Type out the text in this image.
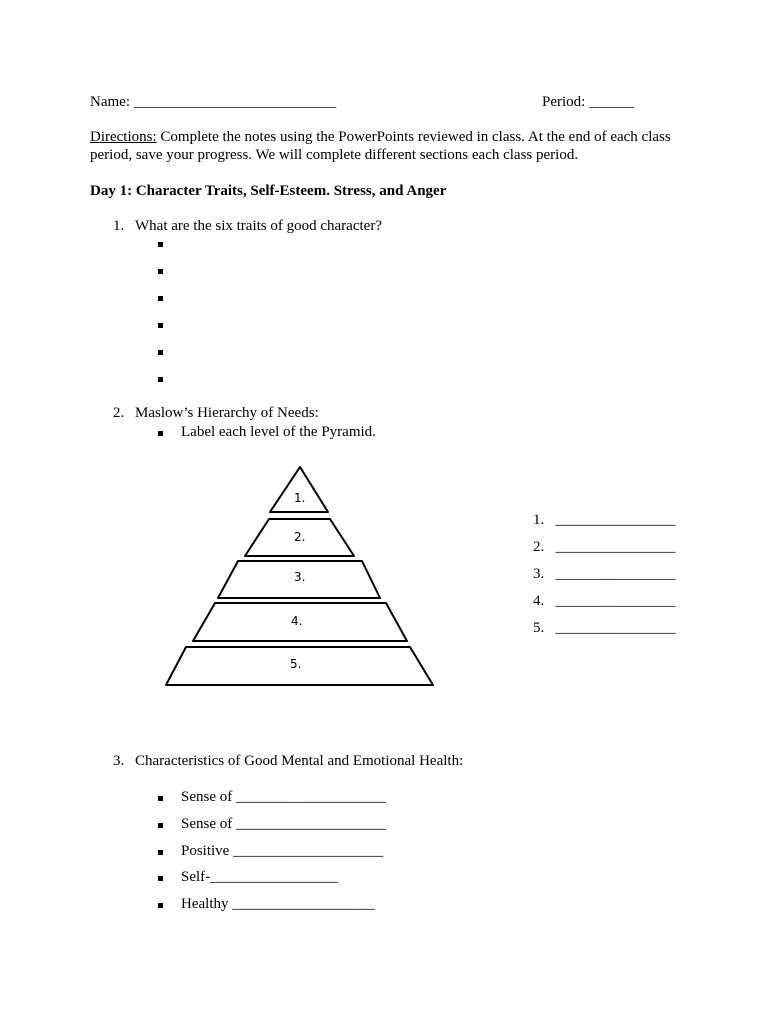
Name: ___________________________	Period: ______
Directions: Complete the notes using the PowerPoints reviewed in class. At the end of each class
period, save your progress. We will complete different sections each class period.
Day 1: Character Traits, Self-Esteem. Stress, and Anger
1. What are the six traits of good character?
2. Maslow’s Hierarchy of Needs:
Label each level of the Pyramid.
1.
2.
3.
4.
5.
1. ________________
2. ________________
3. ________________
4. ________________
5. ________________
3. Characteristics of Good Mental and Emotional Health:
Sense of ____________________
Sense of ____________________
Positive ____________________
Self-_________________
Healthy ___________________
